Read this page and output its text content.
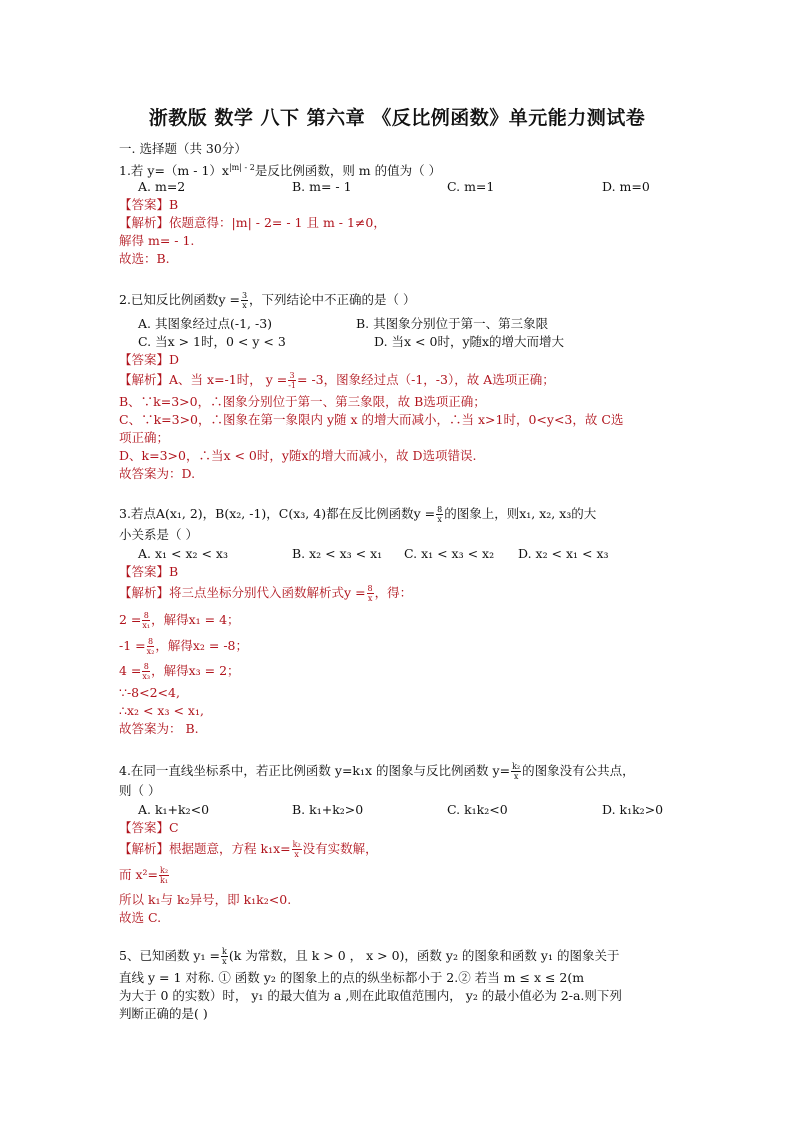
浙教版 数学 八下 第六章 《反比例函数》单元能力测试卷
一. 选择题（共 30分）
1.若 $y=(m - 1)x^{|m| - 2}$是反比例函数，则 m 的值为（ ）
A. m=2	B. m= - 1	C. m=1	D. m=0
【答案】B
【解析】依题意得：|m| - 2= - 1 且 m - 1≠0，
解得 m= - 1.
故选：B.
2.已知反比例函数$y = \frac{3}{x}$ ，下列结论中不正确的是（ ）
A. 其图象经过点(-1, -3)	B. 其图象分别位于第一、第三象限
C. 当x > 1时，0 < y < 3	D. 当x < 0时，y随x的增大而增大
【答案】D
【解析】A、当 x=-1时， $y = \frac{3}{-1} = -3$，图象经过点（-1，-3），故 A选项正确；
B、∵k=3>0，∴图象分别位于第一、第三象限，故 B选项正确；
C、∵k=3>0，∴图象在第一象限内 y随 x 的增大而减小，∴当 x>1时，0<y<3，故 C选
项正确；
D、k=3>0，∴当x < 0时，y随x的增大而减小，故 D选项错误.
故答案为：D.
3.若点A(x₁, 2)，B(x₂, -1)，C(x₃, 4)都在反比例函数$y = \frac{8}{x}$ 的图象上，则x₁, x₂, x₃的大
小关系是（ ）
A. x₁ < x₂ < x₃	B. x₂ < x₃ < x₁ C. x₁ < x₃ < x₂ D. x₂ < x₁ < x₃
【答案】B
【解析】将三点坐标分别代入函数解析式$y = \frac{8}{x}$ ，得：
$2 = \frac{8}{\text{x₁}}$ ，解得x₁ = 4；
$-1 = \frac{8}{\text{x₂}}$ ，解得x₂ = -8；
$4 = \frac{8}{\text{x₃}}$ ，解得x₃ = 2；
∵-8<2<4,
∴x₂ < x₃ < x₁,
故答案为： B.
4.在同一直线坐标系中，若正比例函数 y=k₁x 的图象与反比例函数 $y= \frac{\text{k₂}}{x}$ 的图象没有公共点，
则（ ）
A. k₁+k₂<0	B. k₁+k₂>0	C. k₁k₂<0	D. k₁k₂>0
【答案】C
【解析】根据题意，方程 $k_1x= \frac{\text{k₂}}{x}$ 没有实数解，
而 $x^2= \frac{\text{k₂}}{\text{k₁}}$
所以 k₁与 k₂异号，即 k₁k₂<0.
故选 C.
5、已知函数 $y_1 = \frac{k}{x} (k$ 为常数，且 k > 0 ， x > 0)，函数 y₂ 的图象和函数 y₁ 的图象关于
直线 y = 1 对称. ① 函数 y₂ 的图象上的点的纵坐标都小于 2.② 若当 m ≤ x ≤ 2(m
为大于 0 的实数）时， y₁ 的最大值为 a ,则在此取值范围内， y₂ 的最小值必为 2-a.则下列
判断正确的是( )
